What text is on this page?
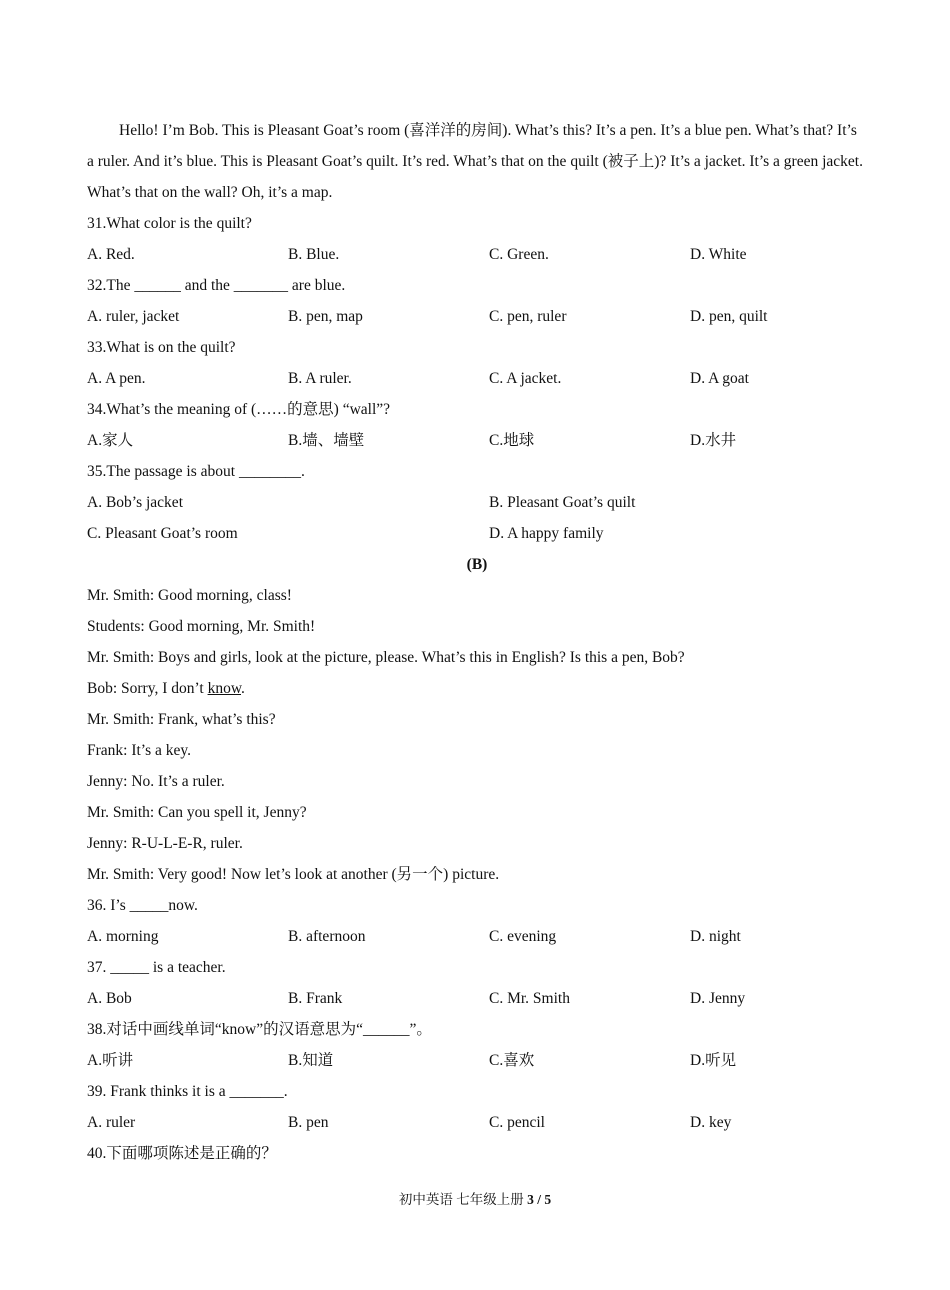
Hello! I’m Bob. This is Pleasant Goat’s room (喜洋洋的房间). What’s this? It’s a pen. It’s a blue pen. What’s that? It’s a ruler. And it’s blue. This is Pleasant Goat’s quilt. It’s red. What’s that on the quilt (被子上)? It’s a jacket. It’s a green jacket. What’s that on the wall? Oh, it’s a map.
31.What color is the quilt?
A. Red.	B. Blue.	C. Green.	D. White
32.The ______ and the _______ are blue.
A. ruler, jacket	B. pen, map	C. pen, ruler	D. pen, quilt
33.What is on the quilt?
A. A pen.	B. A ruler.	C. A jacket.	D. A goat
34.What’s the meaning of (……的意思) “wall”?
A.家人	B.墙、墙壁	C.地球	D.水井
35.The passage is about ________.
A. Bob’s jacket	B. Pleasant Goat’s quilt
C. Pleasant Goat’s room	D. A happy family
(B)
Mr. Smith: Good morning, class!
Students: Good morning, Mr. Smith!
Mr. Smith: Boys and girls, look at the picture, please. What’s this in English? Is this a pen, Bob?
Bob: Sorry, I don’t know.
Mr. Smith: Frank, what’s this?
Frank: It’s a key.
Jenny: No. It’s a ruler.
Mr. Smith: Can you spell it, Jenny?
Jenny: R-U-L-E-R, ruler.
Mr. Smith: Very good! Now let’s look at another (另一个) picture.
36. I’s _____now.
A. morning	B. afternoon	C. evening	D. night
37. _____ is a teacher.
A. Bob	B. Frank	C. Mr. Smith	D. Jenny
38.对话中画线单词“know”的汉语意思为“______”。
A.听讲	B.知道	C.喜欢	D.听见
39. Frank thinks it is a _______.
A. ruler	B. pen	C. pencil	D. key
40.下面哪项陈述是正确的？
初中英语 七年级上册 3 / 5
